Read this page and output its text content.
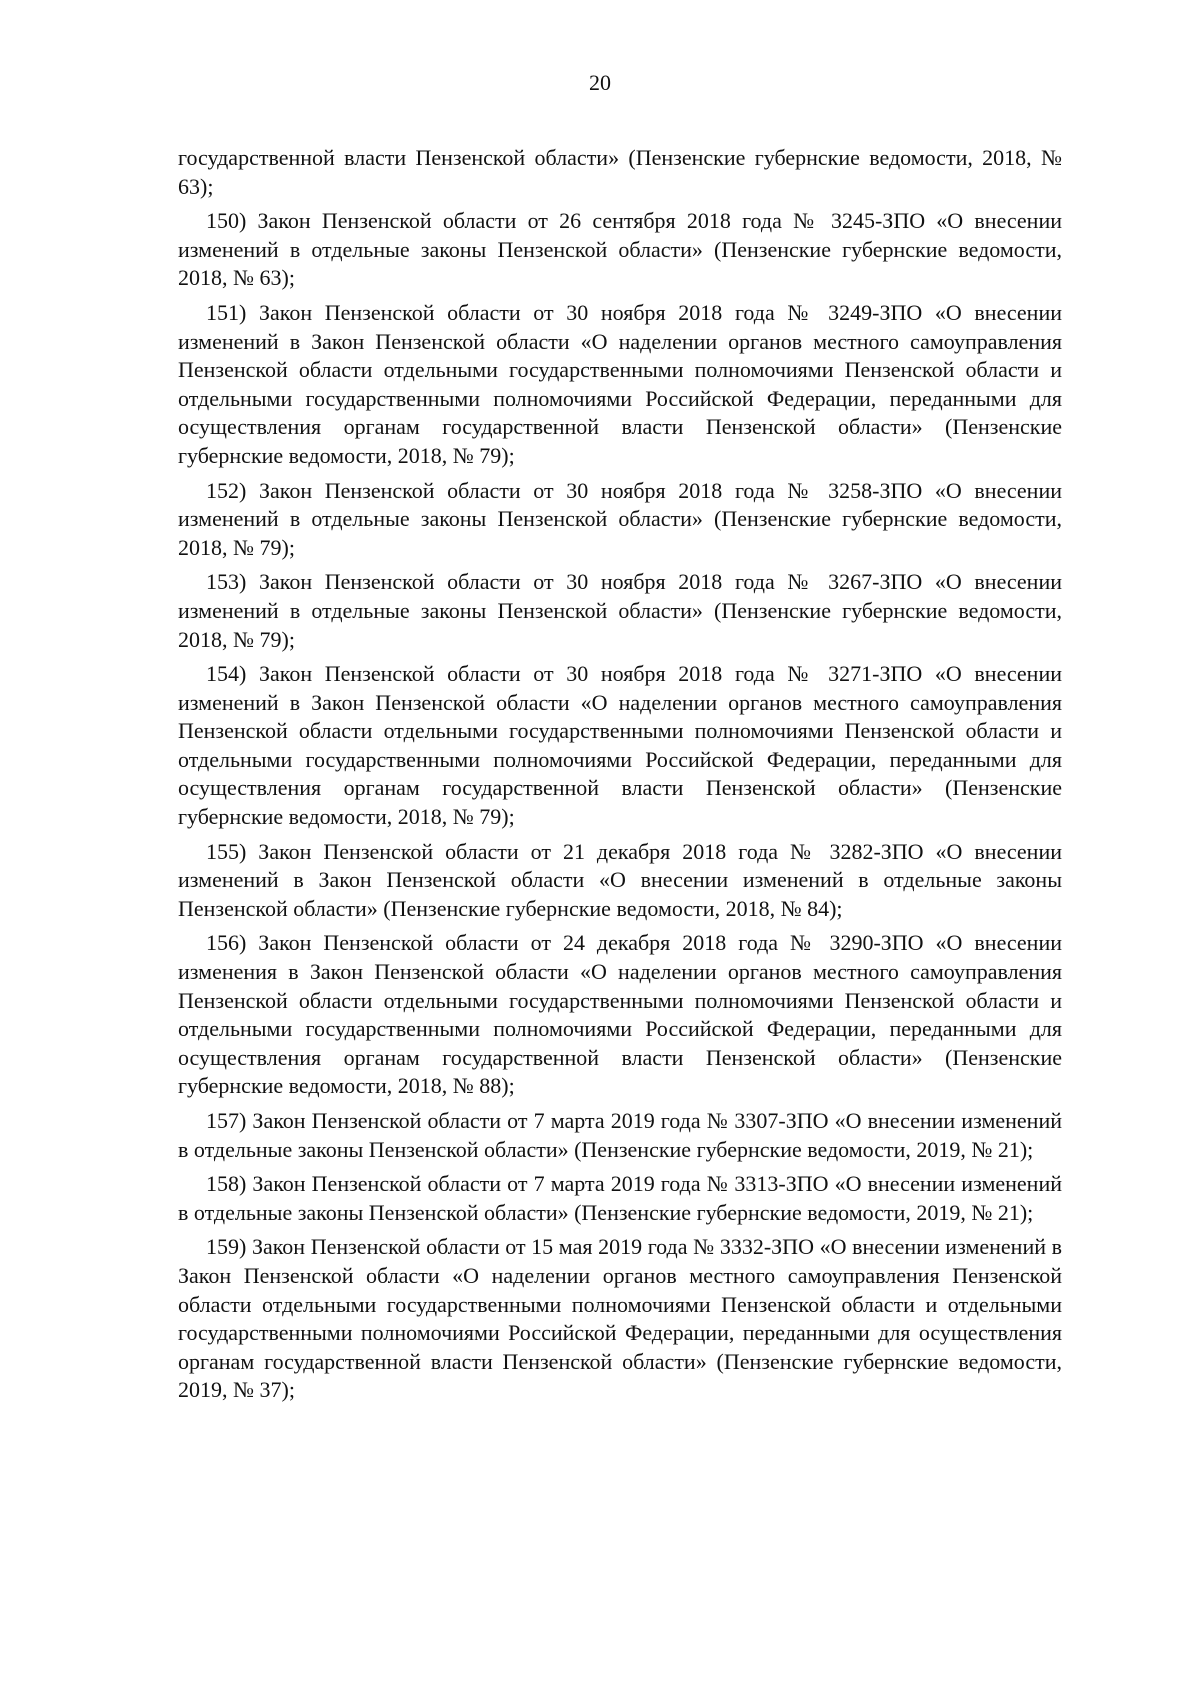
20

государственной власти Пензенской области» (Пензенские губернские ведомости, 2018, № 63);

150) Закон Пензенской области от 26 сентября 2018 года № 3245-ЗПО «О внесении изменений в отдельные законы Пензенской области» (Пензенские губернские ведомости, 2018, № 63);

151) Закон Пензенской области от 30 ноября 2018 года № 3249-ЗПО «О внесении изменений в Закон Пензенской области «О наделении органов местного самоуправления Пензенской области отдельными государственными полномочиями Пензенской области и отдельными государственными полномочиями Российской Федерации, переданными для осуществления органам государственной власти Пензенской области» (Пензенские губернские ведомости, 2018, № 79);

152) Закон Пензенской области от 30 ноября 2018 года № 3258-ЗПО «О внесении изменений в отдельные законы Пензенской области» (Пензенские губернские ведомости, 2018, № 79);

153) Закон Пензенской области от 30 ноября 2018 года № 3267-ЗПО «О внесении изменений в отдельные законы Пензенской области» (Пензенские губернские ведомости, 2018, № 79);

154) Закон Пензенской области от 30 ноября 2018 года № 3271-ЗПО «О внесении изменений в Закон Пензенской области «О наделении органов местного самоуправления Пензенской области отдельными государственными полномочиями Пензенской области и отдельными государственными полномочиями Российской Федерации, переданными для осуществления органам государственной власти Пензенской области» (Пензенские губернские ведомости, 2018, № 79);

155) Закон Пензенской области от 21 декабря 2018 года № 3282-ЗПО «О внесении изменений в Закон Пензенской области «О внесении изменений в отдельные законы Пензенской области» (Пензенские губернские ведомости, 2018, № 84);

156) Закон Пензенской области от 24 декабря 2018 года № 3290-ЗПО «О внесении изменения в Закон Пензенской области «О наделении органов местного самоуправления Пензенской области отдельными государственными полномочиями Пензенской области и отдельными государственными полномочиями Российской Федерации, переданными для осуществления органам государственной власти Пензенской области» (Пензенские губернские ведомости, 2018, № 88);

157) Закон Пензенской области от 7 марта 2019 года № 3307-ЗПО «О внесении изменений в отдельные законы Пензенской области» (Пензенские губернские ведомости, 2019, № 21);

158) Закон Пензенской области от 7 марта 2019 года № 3313-ЗПО «О внесении изменений в отдельные законы Пензенской области» (Пензенские губернские ведомости, 2019, № 21);

159) Закон Пензенской области от 15 мая 2019 года № 3332-ЗПО «О внесении изменений в Закон Пензенской области «О наделении органов местного самоуправления Пензенской области отдельными государственными полномочиями Пензенской области и отдельными государственными полномочиями Российской Федерации, переданными для осуществления органам государственной власти Пензенской области» (Пензенские губернские ведомости, 2019, № 37);
